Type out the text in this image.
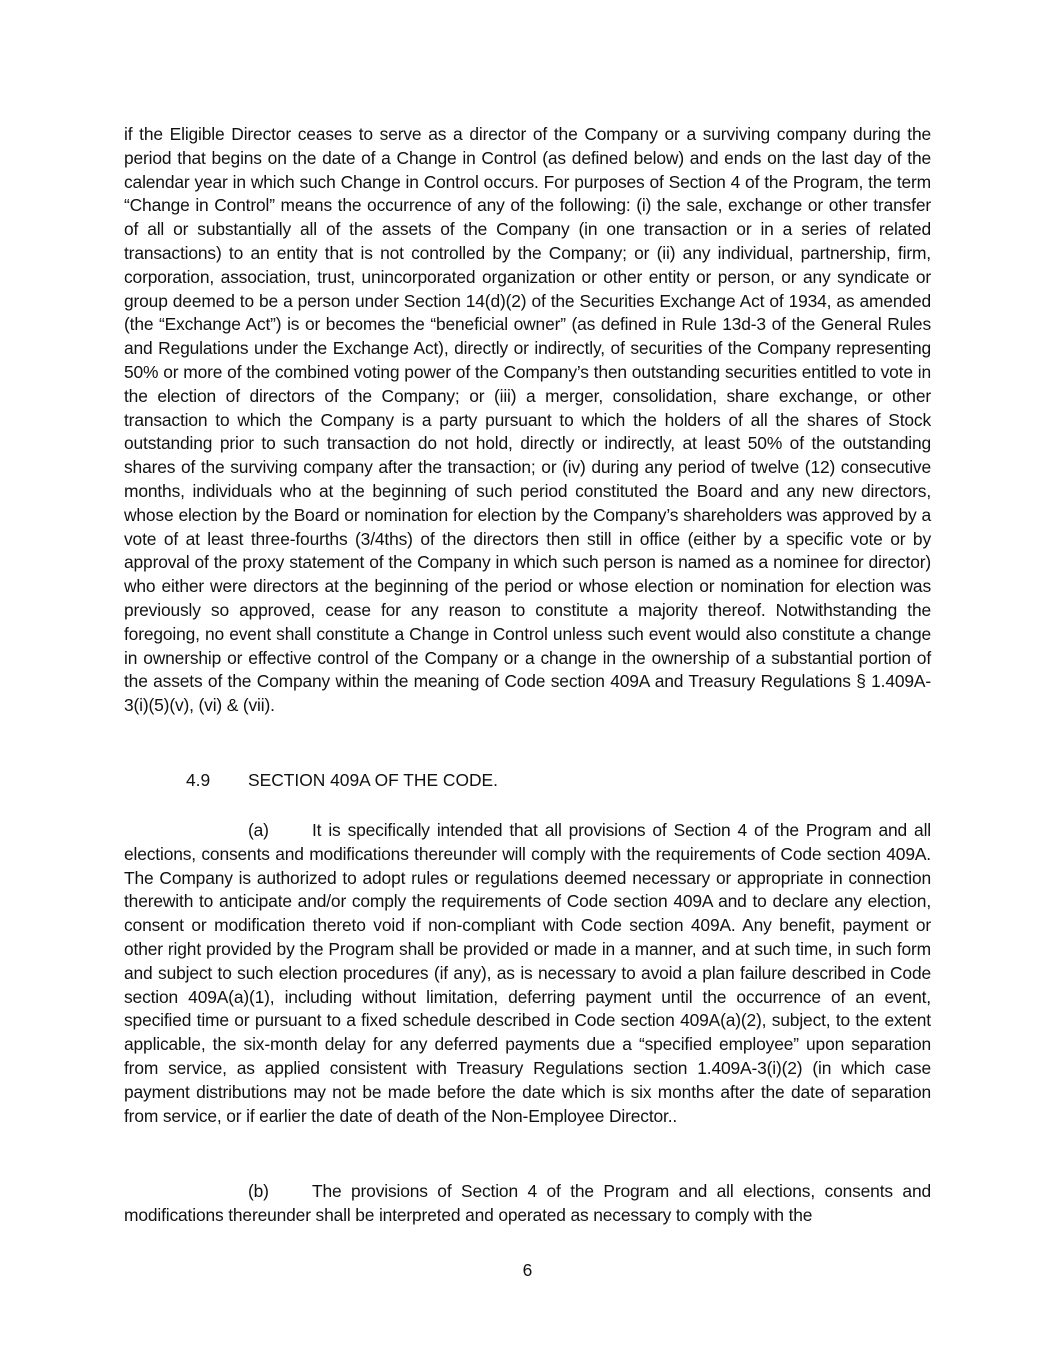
if the Eligible Director ceases to serve as a director of the Company or a surviving company during the period that begins on the date of a Change in Control (as defined below) and ends on the last day of the calendar year in which such Change in Control occurs. For purposes of Section 4 of the Program, the term “Change in Control” means the occurrence of any of the following: (i) the sale, exchange or other transfer of all or substantially all of the assets of the Company (in one transaction or in a series of related transactions) to an entity that is not controlled by the Company; or (ii) any individual, partnership, firm, corporation, association, trust, unincorporated organization or other entity or person, or any syndicate or group deemed to be a person under Section 14(d)(2) of the Securities Exchange Act of 1934, as amended (the “Exchange Act”) is or becomes the “beneficial owner” (as defined in Rule 13d-3 of the General Rules and Regulations under the Exchange Act), directly or indirectly, of securities of the Company representing 50% or more of the combined voting power of the Company’s then outstanding securities entitled to vote in the election of directors of the Company; or (iii) a merger, consolidation, share exchange, or other transaction to which the Company is a party pursuant to which the holders of all the shares of Stock outstanding prior to such transaction do not hold, directly or indirectly, at least 50% of the outstanding shares of the surviving company after the transaction; or (iv) during any period of twelve (12) consecutive months, individuals who at the beginning of such period constituted the Board and any new directors, whose election by the Board or nomination for election by the Company’s shareholders was approved by a vote of at least three-fourths (3/4ths) of the directors then still in office (either by a specific vote or by approval of the proxy statement of the Company in which such person is named as a nominee for director) who either were directors at the beginning of the period or whose election or nomination for election was previously so approved, cease for any reason to constitute a majority thereof. Notwithstanding the foregoing, no event shall constitute a Change in Control unless such event would also constitute a change in ownership or effective control of the Company or a change in the ownership of a substantial portion of the assets of the Company within the meaning of Code section 409A and Treasury Regulations § 1.409A-3(i)(5)(v), (vi) & (vii).

4.9 SECTION 409A OF THE CODE.

(a) It is specifically intended that all provisions of Section 4 of the Program and all elections, consents and modifications thereunder will comply with the requirements of Code section 409A. The Company is authorized to adopt rules or regulations deemed necessary or appropriate in connection therewith to anticipate and/or comply the requirements of Code section 409A and to declare any election, consent or modification thereto void if non-compliant with Code section 409A. Any benefit, payment or other right provided by the Program shall be provided or made in a manner, and at such time, in such form and subject to such election procedures (if any), as is necessary to avoid a plan failure described in Code section 409A(a)(1), including without limitation, deferring payment until the occurrence of an event, specified time or pursuant to a fixed schedule described in Code section 409A(a)(2), subject, to the extent applicable, the six-month delay for any deferred payments due a “specified employee” upon separation from service, as applied consistent with Treasury Regulations section 1.409A-3(i)(2) (in which case payment distributions may not be made before the date which is six months after the date of separation from service, or if earlier the date of death of the Non-Employee Director..

(b) The provisions of Section 4 of the Program and all elections, consents and modifications thereunder shall be interpreted and operated as necessary to comply with the

6
